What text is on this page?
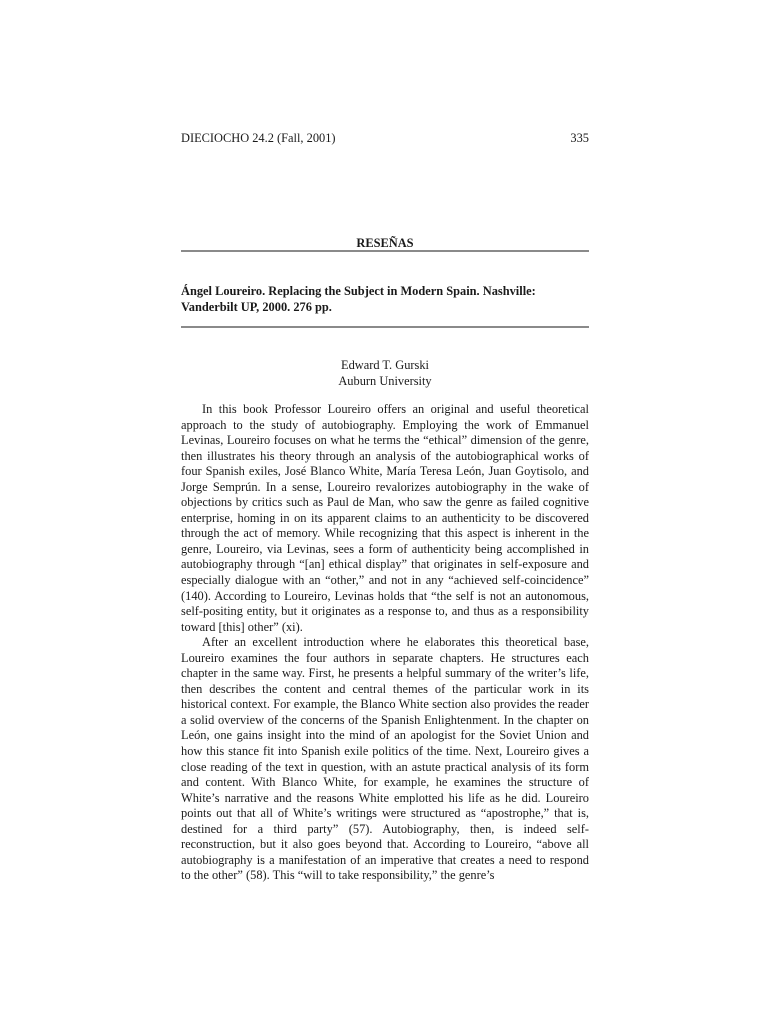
DIECIOCHO 24.2 (Fall, 2001)	335
RESEÑAS
Ángel Loureiro. Replacing the Subject in Modern Spain. Nashville:
Vanderbilt UP, 2000. 276 pp.
Edward T. Gurski
Auburn University

In this book Professor Loureiro offers an original and useful theoretical approach to the study of autobiography. Employing the work of Emmanuel Levinas, Loureiro focuses on what he terms the “ethical” dimension of the genre, then illustrates his theory through an analysis of the autobiographical works of four Spanish exiles, José Blanco White, María Teresa León, Juan Goytisolo, and Jorge Semprún. In a sense, Loureiro revalorizes autobiography in the wake of objections by critics such as Paul de Man, who saw the genre as failed cognitive enterprise, homing in on its apparent claims to an authenticity to be discovered through the act of memory. While recognizing that this aspect is inherent in the genre, Loureiro, via Levinas, sees a form of authenticity being accomplished in autobiography through “[an] ethical display” that originates in self-exposure and especially dialogue with an “other,” and not in any “achieved self-coincidence” (140). According to Loureiro, Levinas holds that “the self is not an autonomous, self-positing entity, but it originates as a response to, and thus as a responsibility toward [this] other” (xi).

After an excellent introduction where he elaborates this theoretical base, Loureiro examines the four authors in separate chapters. He structures each chapter in the same way. First, he presents a helpful summary of the writer’s life, then describes the content and central themes of the particular work in its historical context. For example, the Blanco White section also provides the reader a solid overview of the concerns of the Spanish Enlightenment. In the chapter on León, one gains insight into the mind of an apologist for the Soviet Union and how this stance fit into Spanish exile politics of the time. Next, Loureiro gives a close reading of the text in question, with an astute practical analysis of its form and content. With Blanco White, for example, he examines the structure of White’s narrative and the reasons White emplotted his life as he did. Loureiro points out that all of White’s writings were structured as “apostrophe,” that is, destined for a third party” (57). Autobiography, then, is indeed self-reconstruction, but it also goes beyond that. According to Loureiro, “above all autobiography is a manifestation of an imperative that creates a need to respond to the other” (58). This “will to take responsibility,” the genre’s
